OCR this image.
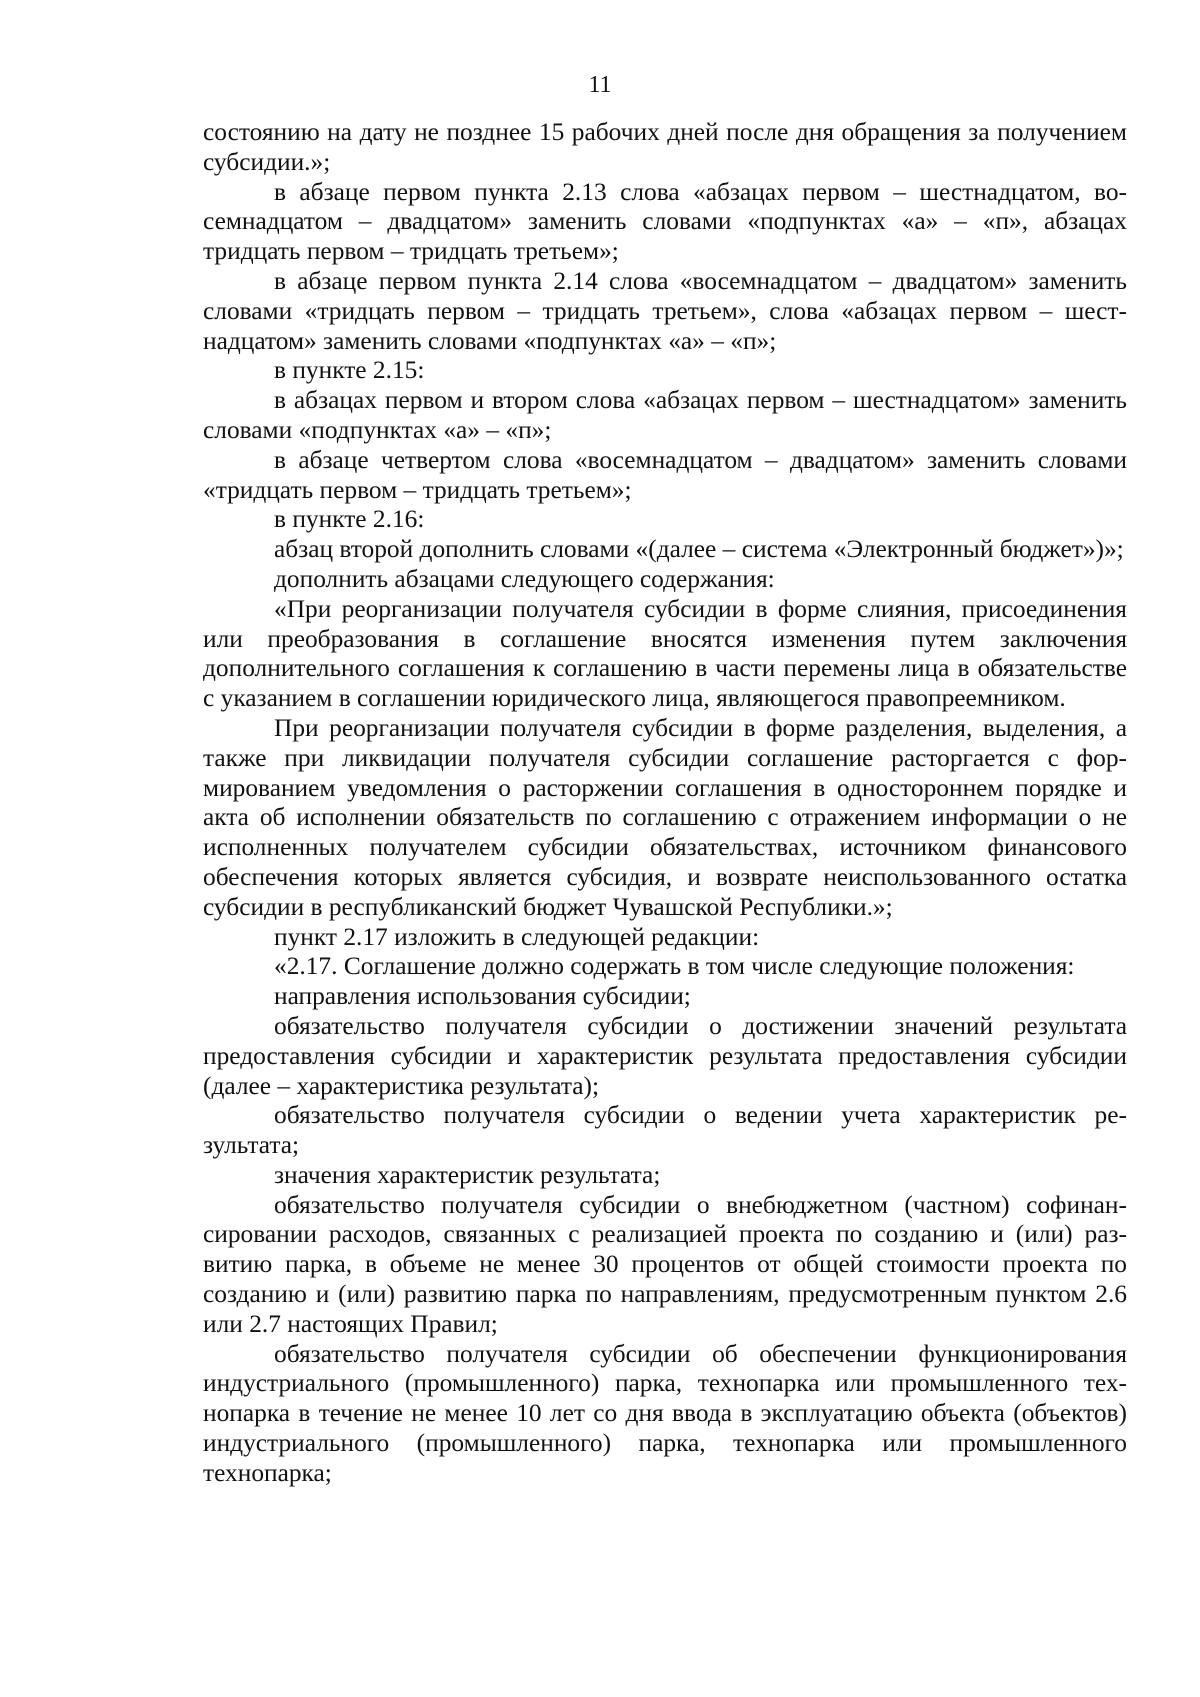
11

состоянию на дату не позднее 15 рабочих дней после дня обращения за получением субсидии.»;

в абзаце первом пункта 2.13 слова «абзацах первом – шестнадцатом, восемнадцатом – двадцатом» заменить словами «подпунктах «а» – «п», абзацах тридцать первом – тридцать третьем»;

в абзаце первом пункта 2.14 слова «восемнадцатом – двадцатом» заменить словами «тридцать первом – тридцать третьем», слова «абзацах первом – шестнадцатом» заменить словами «подпунктах «а» – «п»;

в пункте 2.15:

в абзацах первом и втором слова «абзацах первом – шестнадцатом» заменить словами «подпунктах «а» – «п»;

в абзаце четвертом слова «восемнадцатом – двадцатом» заменить словами «тридцать первом – тридцать третьем»;

в пункте 2.16:

абзац второй дополнить словами «(далее – система «Электронный бюджет»)»;

дополнить абзацами следующего содержания:

«При реорганизации получателя субсидии в форме слияния, присоединения или преобразования в соглашение вносятся изменения путем заключения дополнительного соглашения к соглашению в части перемены лица в обязательстве с указанием в соглашении юридического лица, являющегося правопреемником.

При реорганизации получателя субсидии в форме разделения, выделения, а также при ликвидации получателя субсидии соглашение расторгается с формированием уведомления о расторжении соглашения в одностороннем порядке и акта об исполнении обязательств по соглашению с отражением информации о не исполненных получателем субсидии обязательствах, источником финансового обеспечения которых является субсидия, и возврате неиспользованного остатка субсидии в республиканский бюджет Чувашской Республики.»;

пункт 2.17 изложить в следующей редакции:

«2.17. Соглашение должно содержать в том числе следующие положения:

направления использования субсидии;

обязательство получателя субсидии о достижении значений результата предоставления субсидии и характеристик результата предоставления субсидии (далее – характеристика результата);

обязательство получателя субсидии о ведении учета характеристик результата;

значения характеристик результата;

обязательство получателя субсидии о внебюджетном (частном) софинансировании расходов, связанных с реализацией проекта по созданию и (или) развитию парка, в объеме не менее 30 процентов от общей стоимости проекта по созданию и (или) развитию парка по направлениям, предусмотренным пунктом 2.6 или 2.7 настоящих Правил;

обязательство получателя субсидии об обеспечении функционирования индустриального (промышленного) парка, технопарка или промышленного технопарка в течение не менее 10 лет со дня ввода в эксплуатацию объекта (объектов) индустриального (промышленного) парка, технопарка или промышленного технопарка;
